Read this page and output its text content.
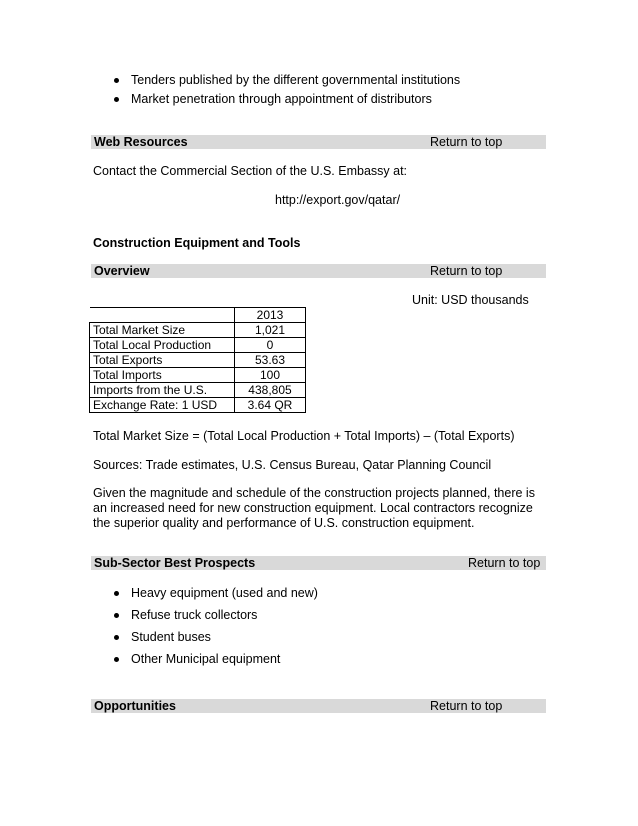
Tenders published by the different governmental institutions
Market penetration through appointment of distributors
Web Resources	Return to top
Contact the Commercial Section of the U.S. Embassy at:
http://export.gov/qatar/
Construction Equipment and Tools
Overview	Return to top
Unit: USD thousands
	2013
Total Market Size	1,021
Total Local Production	0
Total Exports	53.63
Total Imports	100
Imports from the U.S.	438,805
Exchange Rate: 1 USD	3.64 QR
Total Market Size = (Total Local Production + Total Imports) – (Total Exports)
Sources: Trade estimates, U.S. Census Bureau, Qatar Planning Council
Given the magnitude and schedule of the construction projects planned, there is an increased need for new construction equipment. Local contractors recognize the superior quality and performance of U.S. construction equipment.
Sub-Sector Best Prospects	Return to top
Heavy equipment (used and new)
Refuse truck collectors
Student buses
Other Municipal equipment
Opportunities	Return to top
